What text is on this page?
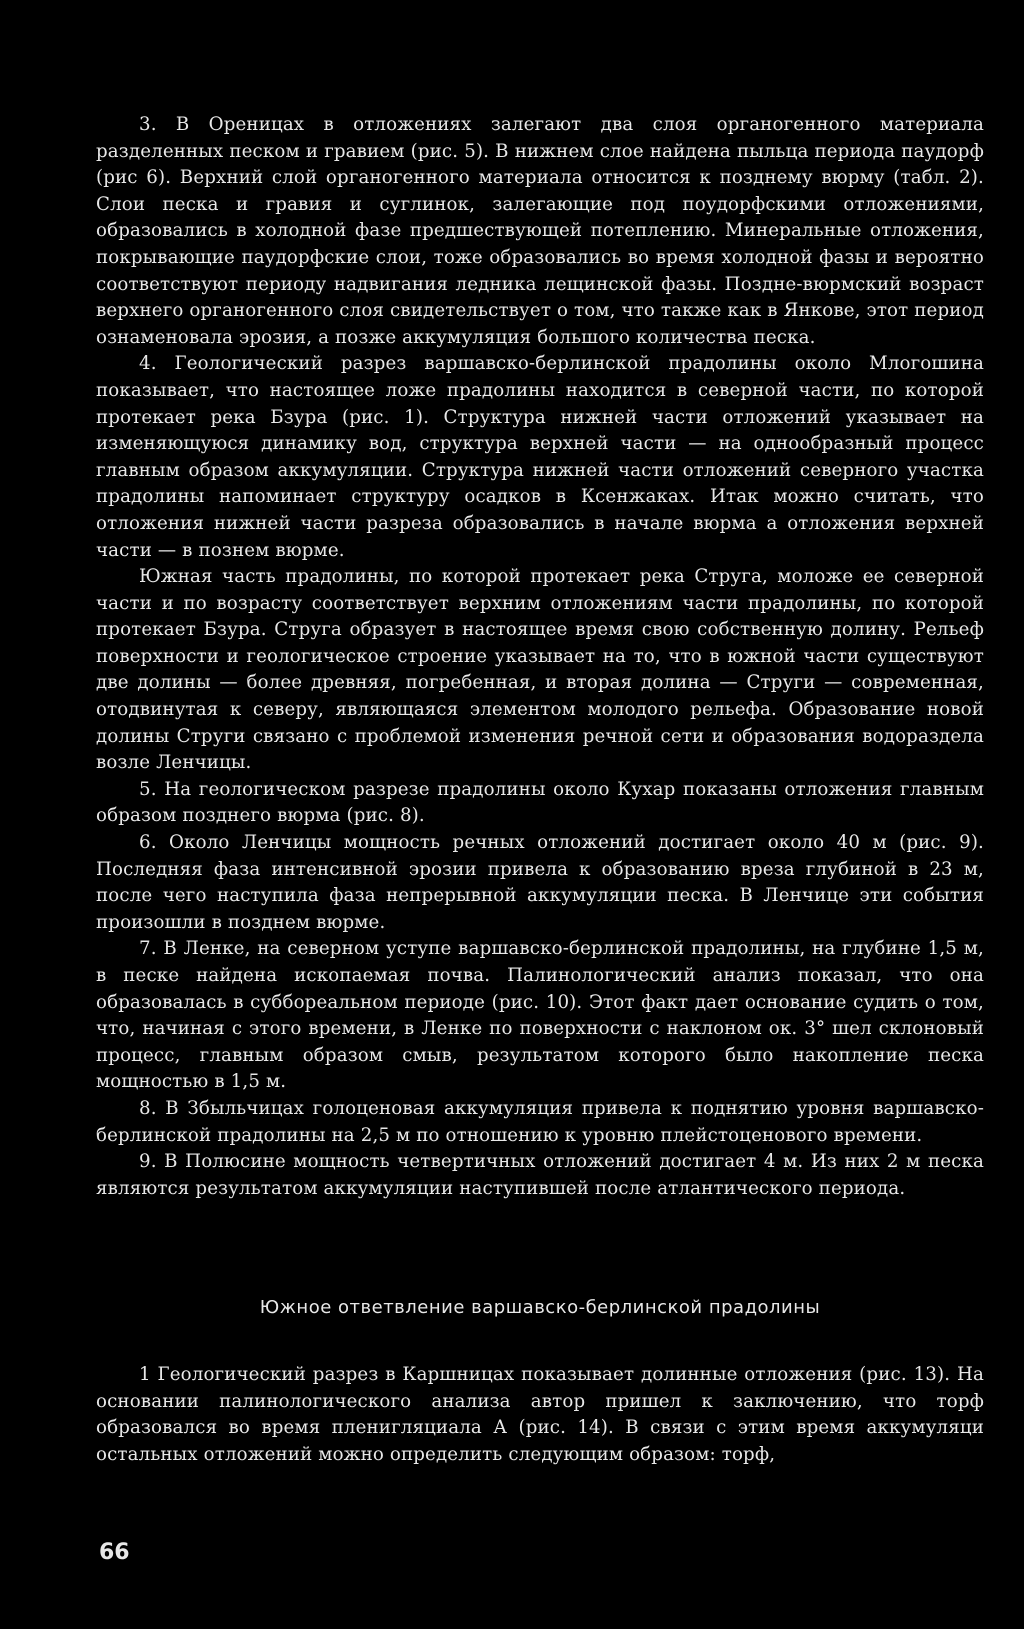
3. В Ореницах в отложениях залегают два слоя органогенного материала разделенных песком и гравием (рис. 5). В нижнем слое найдена пыльца периода паудорф (рис 6). Верхний слой органогенного материала относится к позднему вюрму (табл. 2). Слои песка и гравия и суглинок, залегающие под поудорфскими отложениями, образовались в холодной фазе предшествующей потеплению. Минеральные отложения, покрывающие паудорфские слои, тоже образовались во время холодной фазы и вероятно соответствуют периоду надвигания ледника лещинской фазы. Поздне-вюрмский возраст верхнего органогенного слоя свидетельствует о том, что также как в Янкове, этот период ознаменовала эрозия, а позже аккумуляция большого количества песка.

4. Геологический разрез варшавско-берлинской прадолины около Млогошина показывает, что настоящее ложе прадолины находится в северной части, по которой протекает река Бзура (рис. 1). Структура нижней части отложений указывает на изменяющуюся динамику вод, структура верхней части — на однообразный процесс главным образом аккумуляции. Структура нижней части отложений северного участка прадолины напоминает структуру осадков в Ксенжаках. Итак можно считать, что отложения нижней части разреза образовались в начале вюрма а отложения верхней части — в познем вюрме.

Южная часть прадолины, по которой протекает река Струга, моложе ее северной части и по возрасту соответствует верхним отложениям части прадолины, по которой протекает Бзура. Струга образует в настоящее время свою собственную долину. Рельеф поверхности и геологическое строение указывает на то, что в южной части существуют две долины — более древняя, погребенная, и вторая долина — Струги — современная, отодвинутая к северу, являющаяся элементом молодого рельефа. Образование новой долины Струги связано с проблемой изменения речной сети и образования водораздела возле Ленчицы.

5. На геологическом разрезе прадолины около Кухар показаны отложения главным образом позднего вюрма (рис. 8).

6. Около Ленчицы мощность речных отложений достигает около 40 м (рис. 9). Последняя фаза интенсивной эрозии привела к образованию вреза глубиной в 23 м, после чего наступила фаза непрерывной аккумуляции песка. В Ленчице эти события произошли в позднем вюрме.

7. В Ленке, на северном уступе варшавско-берлинской прадолины, на глубине 1,5 м, в песке найдена ископаемая почва. Палинологический анализ показал, что она образовалась в суббореальном периоде (рис. 10). Этот факт дает основание судить о том, что, начиная с этого времени, в Ленке по поверхности с наклоном ок. 3° шел склоновый процесс, главным образом смыв, результатом которого было накопление песка мощностью в 1,5 м.

8. В Збыльчицах голоценовая аккумуляция привела к поднятию уровня варшавско-берлинской прадолины на 2,5 м по отношению к уровню плейстоценового времени.

9. В Полюсине мощность четвертичных отложений достигает 4 м. Из них 2 м песка являются результатом аккумуляции наступившей после атлантического периода.

Южное ответвление варшавско-берлинской прадолины

1 Геологический разрез в Каршницах показывает долинные отложения (рис. 13). На основании палинологического анализа автор пришел к заключению, что торф образовался во время пленигляциала А (рис. 14). В связи с этим время аккумуляци остальных отложений можно определить следующим образом: торф,

66
